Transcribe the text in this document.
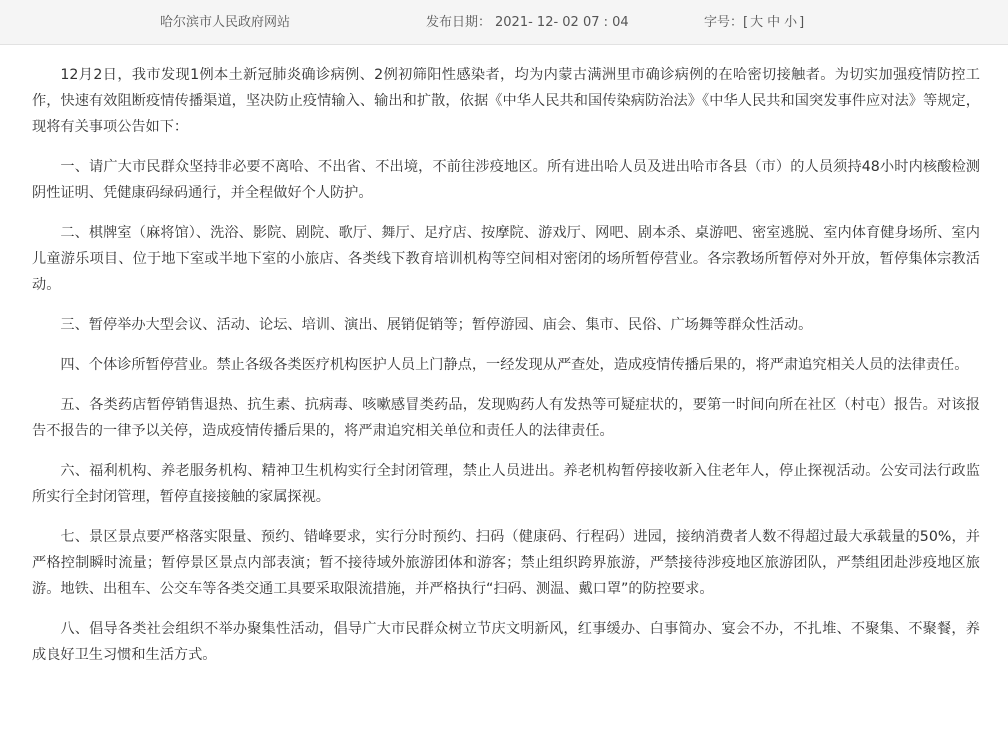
哈尔滨市人民政府网站	发布日期： 2021- 12- 02 07 : 04	字号：[ 大 中 小 ]

12月2日，我市发现1例本土新冠肺炎确诊病例、2例初筛阳性感染者，均为内蒙古满洲里市确诊病例的在哈密切接触者。为切实加强疫情防控工作，快速有效阻断疫情传播渠道，坚决防止疫情输入、输出和扩散，依据《中华人民共和国传染病防治法》《中华人民共和国突发事件应对法》等规定，现将有关事项公告如下：

一、请广大市民群众坚持非必要不离哈、不出省、不出境，不前往涉疫地区。所有进出哈人员及进出哈市各县（市）的人员须持48小时内核酸检测阴性证明、凭健康码绿码通行，并全程做好个人防护。

二、棋牌室（麻将馆）、洗浴、影院、剧院、歌厅、舞厅、足疗店、按摩院、游戏厅、网吧、剧本杀、桌游吧、密室逃脱、室内体育健身场所、室内儿童游乐项目、位于地下室或半地下室的小旅店、各类线下教育培训机构等空间相对密闭的场所暂停营业。各宗教场所暂停对外开放，暂停集体宗教活动。

三、暂停举办大型会议、活动、论坛、培训、演出、展销促销等；暂停游园、庙会、集市、民俗、广场舞等群众性活动。

四、个体诊所暂停营业。禁止各级各类医疗机构医护人员上门静点，一经发现从严查处，造成疫情传播后果的，将严肃追究相关人员的法律责任。

五、各类药店暂停销售退热、抗生素、抗病毒、咳嗽感冒类药品，发现购药人有发热等可疑症状的，要第一时间向所在社区（村屯）报告。对该报告不报告的一律予以关停，造成疫情传播后果的，将严肃追究相关单位和责任人的法律责任。

六、福利机构、养老服务机构、精神卫生机构实行全封闭管理，禁止人员进出。养老机构暂停接收新入住老年人，停止探视活动。公安司法行政监所实行全封闭管理，暂停直接接触的家属探视。

七、景区景点要严格落实限量、预约、错峰要求，实行分时预约、扫码（健康码、行程码）进园，接纳消费者人数不得超过最大承载量的50%，并严格控制瞬时流量；暂停景区景点内部表演；暂不接待域外旅游团体和游客；禁止组织跨界旅游，严禁接待涉疫地区旅游团队，严禁组团赴涉疫地区旅游。地铁、出租车、公交车等各类交通工具要采取限流措施，并严格执行“扫码、测温、戴口罩”的防控要求。

八、倡导各类社会组织不举办聚集性活动，倡导广大市民群众树立节庆文明新风，红事缓办、白事简办、宴会不办，不扎堆、不聚集、不聚餐，养成良好卫生习惯和生活方式。
